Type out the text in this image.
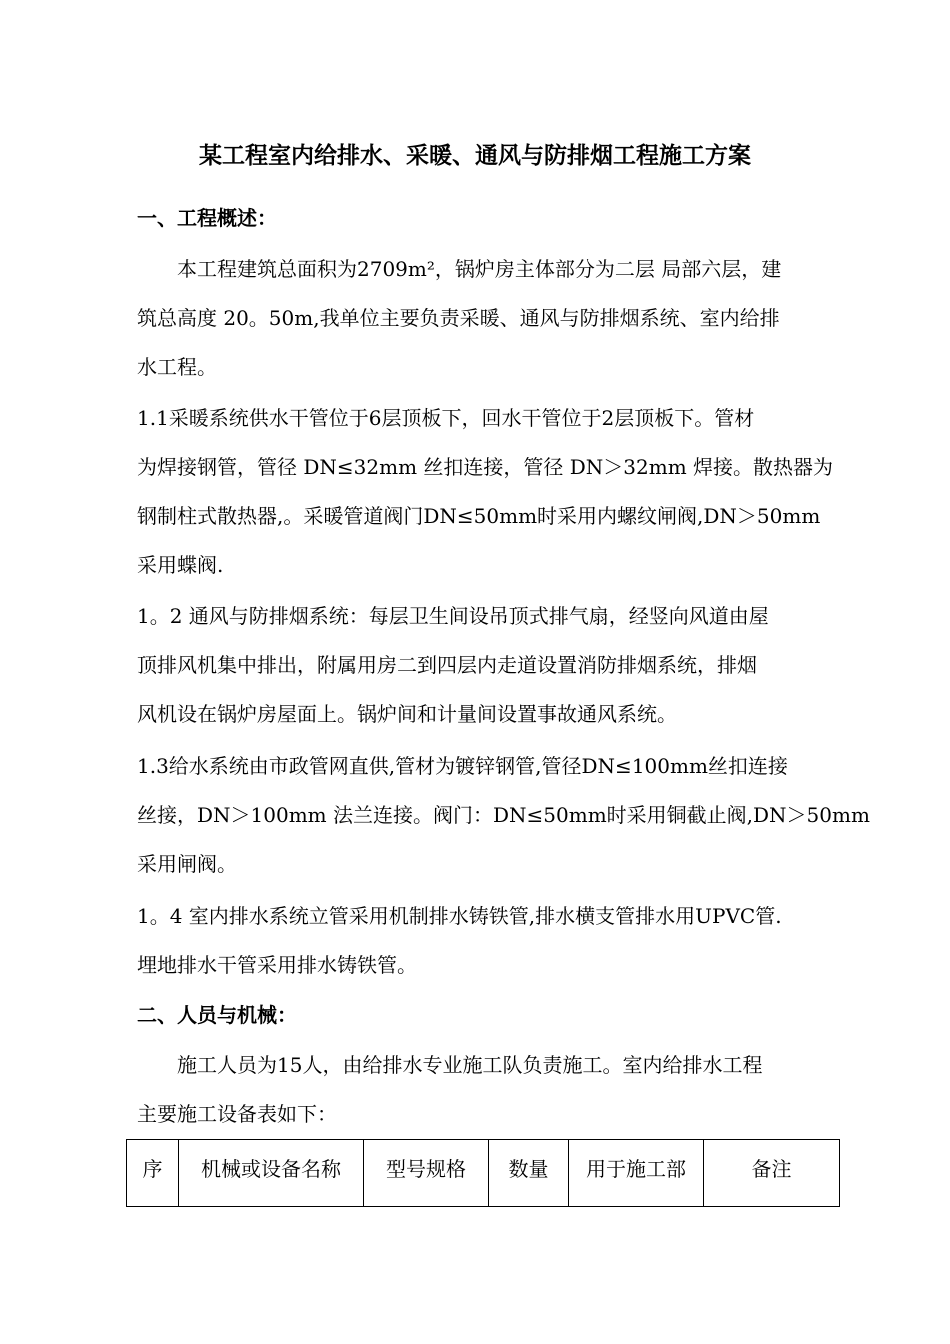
某工程室内给排水、采暖、通风与防排烟工程施工方案
一、工程概述：

本工程建筑总面积为2709m²，锅炉房主体部分为二层 局部六层，建
筑总高度 20。50m,我单位主要负责采暖、通风与防排烟系统、室内给排
水工程。

1.1采暖系统供水干管位于6层顶板下，回水干管位于2层顶板下。管材
为焊接钢管，管径 DN≤32mm 丝扣连接，管径 DN＞32mm 焊接。散热器为
钢制柱式散热器,。采暖管道阀门DN≤50mm时采用内螺纹闸阀,DN＞50mm
采用蝶阀.

1。2 通风与防排烟系统：每层卫生间设吊顶式排气扇，经竖向风道由屋
顶排风机集中排出，附属用房二到四层内走道设置消防排烟系统，排烟
风机设在锅炉房屋面上。锅炉间和计量间设置事故通风系统。

1.3给水系统由市政管网直供,管材为镀锌钢管,管径DN≤100mm丝扣连接
丝接，DN＞100mm 法兰连接。阀门：DN≤50mm时采用铜截止阀,DN＞50mm
采用闸阀。

1。4 室内排水系统立管采用机制排水铸铁管,排水横支管排水用UPVC管.
埋地排水干管采用排水铸铁管。

二、人员与机械：

施工人员为15人，由给排水专业施工队负责施工。室内给排水工程
主要施工设备表如下：

序	机械或设备名称	型号规格	数量	用于施工部	备注
